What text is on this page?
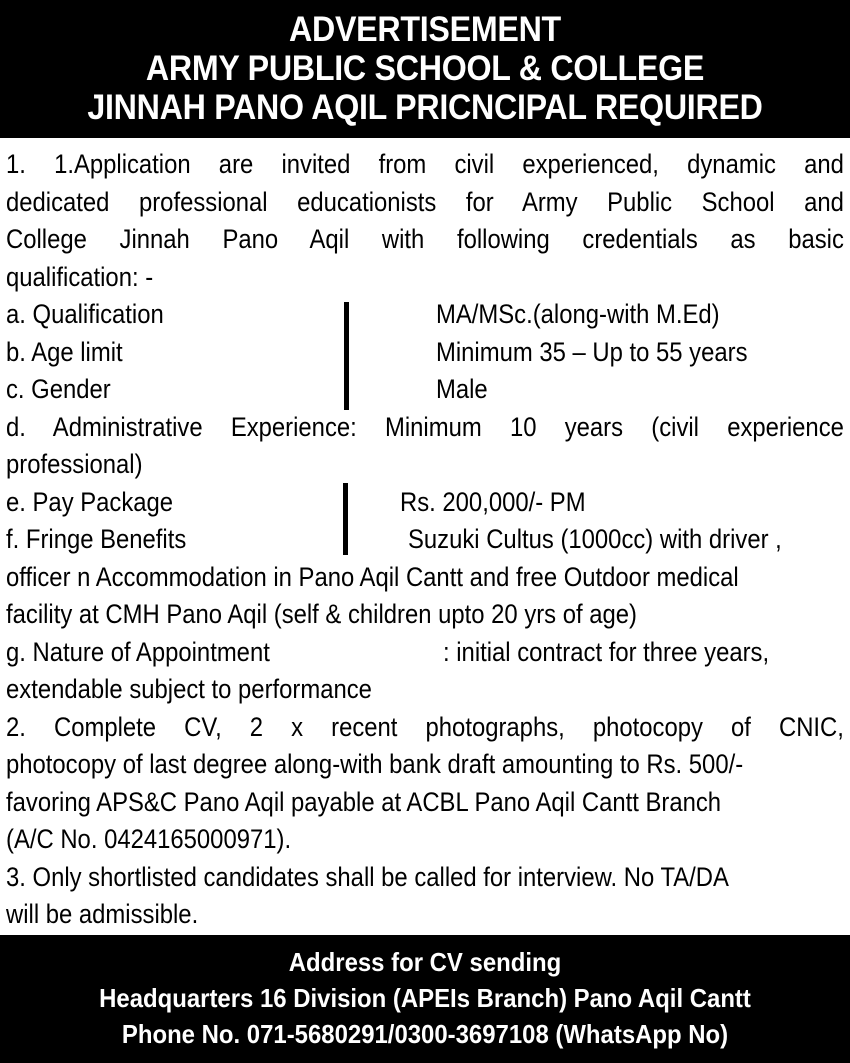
ADVERTISEMENT
ARMY PUBLIC SCHOOL & COLLEGE
JINNAH PANO AQIL PRICNCIPAL REQUIRED
1. 1.Application are invited from civil experienced, dynamic and
dedicated professional educationists for Army Public School and
College Jinnah Pano Aqil with following credentials as basic
qualification: -
a. Qualification	MA/MSc.(along-with M.Ed)
b. Age limit	Minimum 35 – Up to 55 years
c. Gender	Male
d. Administrative Experience: Minimum 10 years (civil experience
professional)
e. Pay Package	Rs. 200,000/- PM
f. Fringe Benefits	Suzuki Cultus (1000cc) with driver ,
officer n Accommodation in Pano Aqil Cantt and free Outdoor medical
facility at CMH Pano Aqil (self & children upto 20 yrs of age)
g. Nature of Appointment	: initial contract for three years,
extendable subject to performance
2. Complete CV, 2 x recent photographs, photocopy of CNIC,
photocopy of last degree along-with bank draft amounting to Rs. 500/-
favoring APS&C Pano Aqil payable at ACBL Pano Aqil Cantt Branch
(A/C No. 0424165000971).
3. Only shortlisted candidates shall be called for interview. No TA/DA
will be admissible.
Address for CV sending
Headquarters 16 Division (APEIs Branch) Pano Aqil Cantt
Phone No. 071-5680291/0300-3697108 (WhatsApp No)
